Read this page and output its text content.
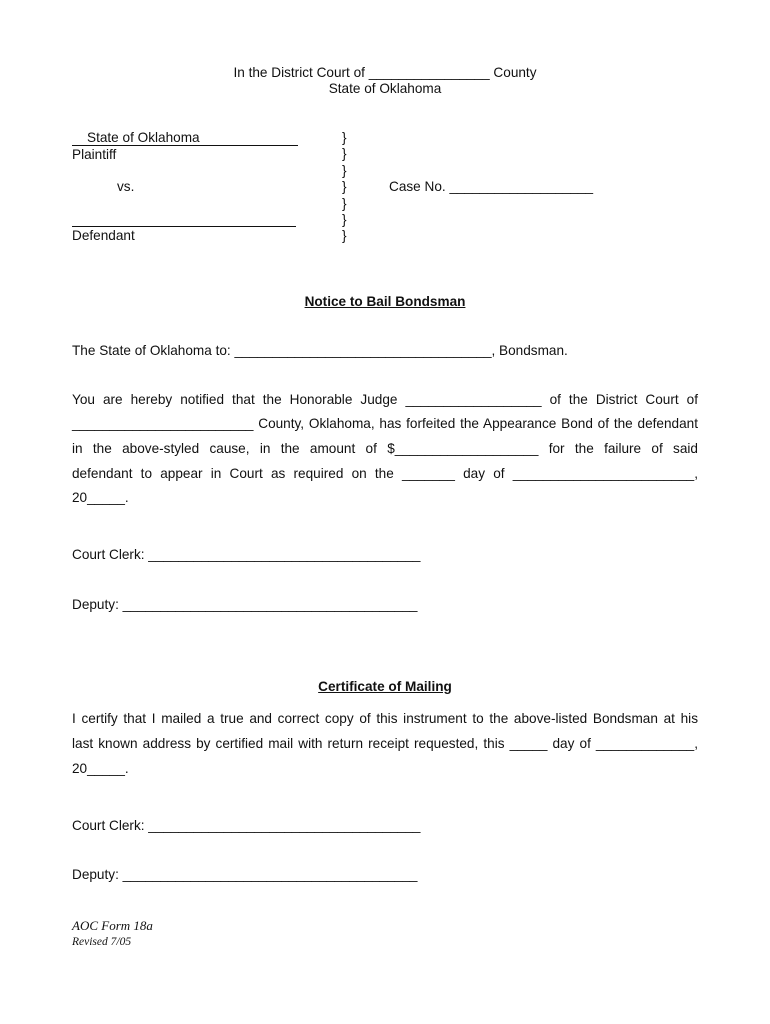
In the District Court of ________________ County
State of Oklahoma
State of Oklahoma
Plaintiff
vs.
Defendant
}
}
}
}
}
}
}
Case No. ___________________
Notice to Bail Bondsman
The State of Oklahoma to: __________________________________, Bondsman.
You are hereby notified that the Honorable Judge __________________ of the District Court of
________________________ County, Oklahoma, has forfeited the Appearance Bond of the defendant
in the above-styled cause, in the amount of $___________________ for the failure of said
defendant to appear in Court as required on the _______ day of ________________________,
20_____.
Court Clerk: ____________________________________
Deputy: _______________________________________
Certificate of Mailing
I certify that I mailed a true and correct copy of this instrument to the above-listed Bondsman at his
last known address by certified mail with return receipt requested, this _____ day of _____________,
20_____.
Court Clerk: ____________________________________
Deputy: _______________________________________
AOC Form 18a
Revised 7/05
